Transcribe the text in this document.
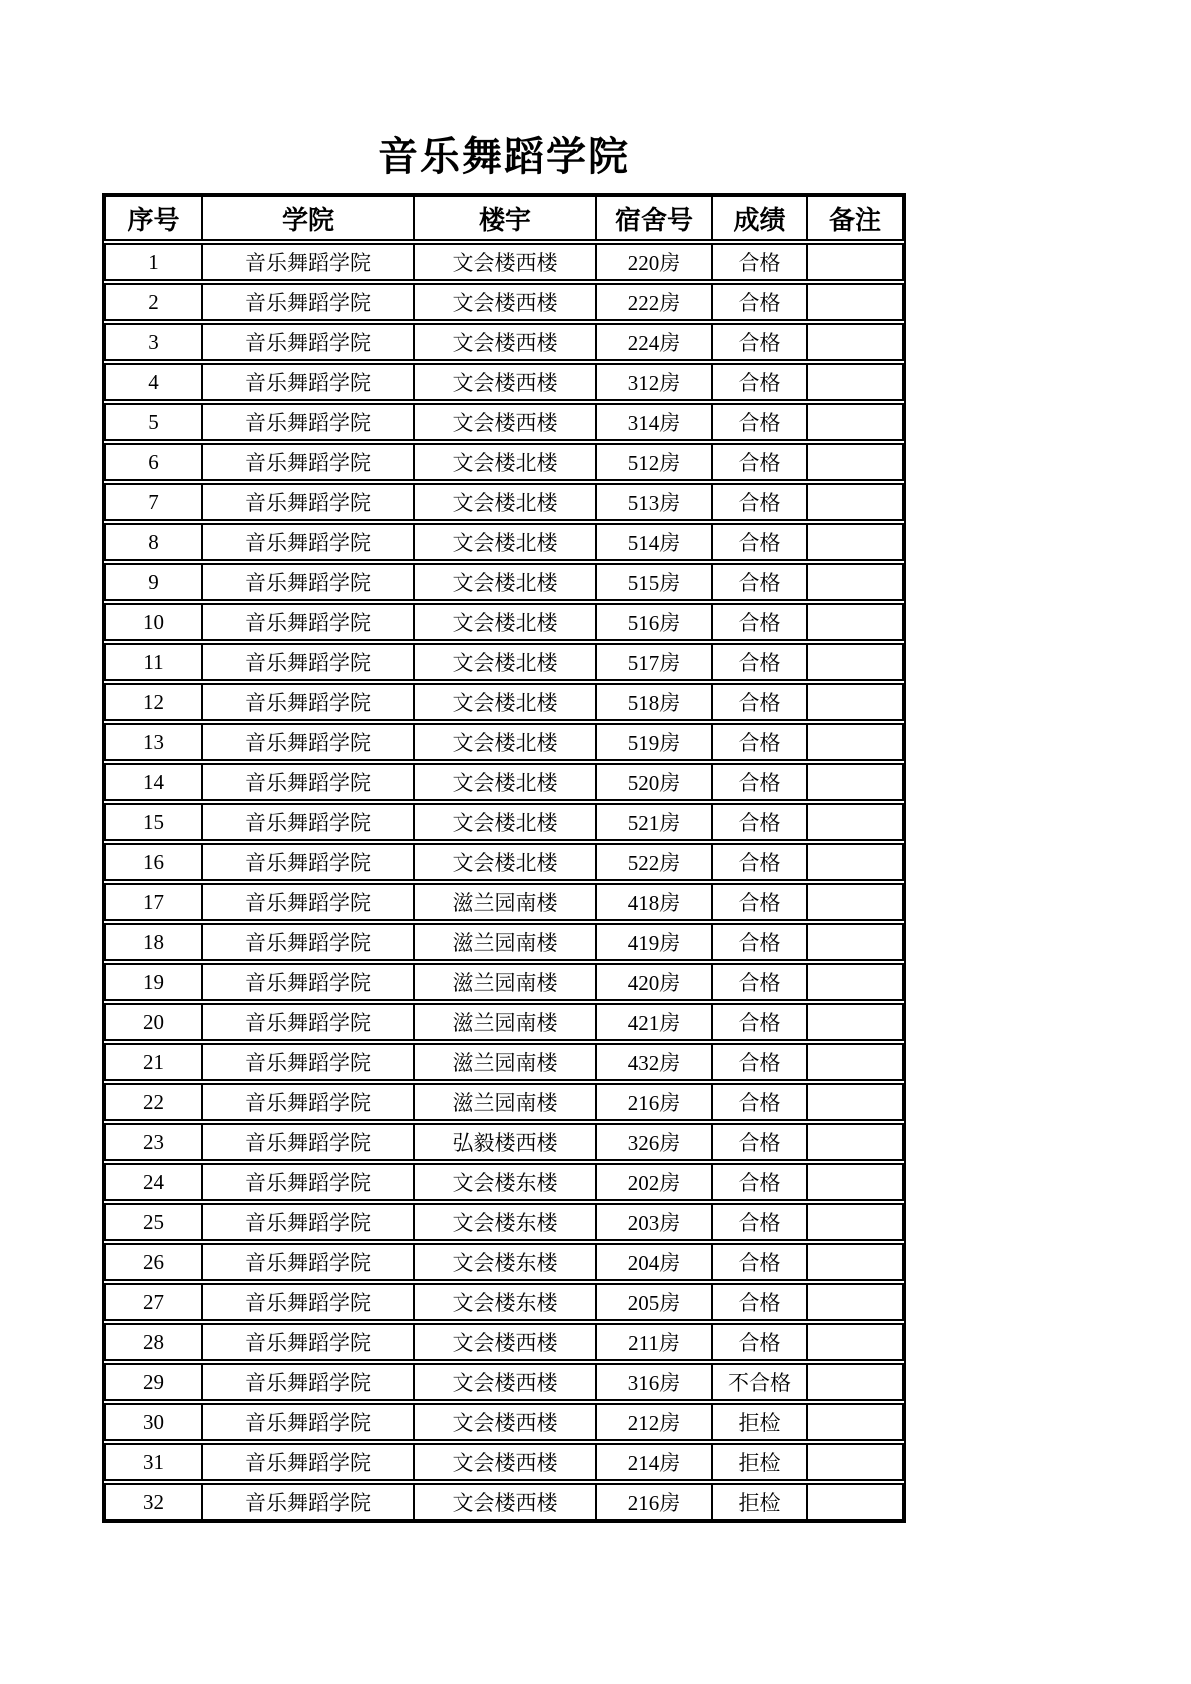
音乐舞蹈学院
序号	学院	楼宇	宿舍号	成绩	备注
1	音乐舞蹈学院	文会楼西楼	220房	合格	
2	音乐舞蹈学院	文会楼西楼	222房	合格	
3	音乐舞蹈学院	文会楼西楼	224房	合格	
4	音乐舞蹈学院	文会楼西楼	312房	合格	
5	音乐舞蹈学院	文会楼西楼	314房	合格	
6	音乐舞蹈学院	文会楼北楼	512房	合格	
7	音乐舞蹈学院	文会楼北楼	513房	合格	
8	音乐舞蹈学院	文会楼北楼	514房	合格	
9	音乐舞蹈学院	文会楼北楼	515房	合格	
10	音乐舞蹈学院	文会楼北楼	516房	合格	
11	音乐舞蹈学院	文会楼北楼	517房	合格	
12	音乐舞蹈学院	文会楼北楼	518房	合格	
13	音乐舞蹈学院	文会楼北楼	519房	合格	
14	音乐舞蹈学院	文会楼北楼	520房	合格	
15	音乐舞蹈学院	文会楼北楼	521房	合格	
16	音乐舞蹈学院	文会楼北楼	522房	合格	
17	音乐舞蹈学院	滋兰园南楼	418房	合格	
18	音乐舞蹈学院	滋兰园南楼	419房	合格	
19	音乐舞蹈学院	滋兰园南楼	420房	合格	
20	音乐舞蹈学院	滋兰园南楼	421房	合格	
21	音乐舞蹈学院	滋兰园南楼	432房	合格	
22	音乐舞蹈学院	滋兰园南楼	216房	合格	
23	音乐舞蹈学院	弘毅楼西楼	326房	合格	
24	音乐舞蹈学院	文会楼东楼	202房	合格	
25	音乐舞蹈学院	文会楼东楼	203房	合格	
26	音乐舞蹈学院	文会楼东楼	204房	合格	
27	音乐舞蹈学院	文会楼东楼	205房	合格	
28	音乐舞蹈学院	文会楼西楼	211房	合格	
29	音乐舞蹈学院	文会楼西楼	316房	不合格	
30	音乐舞蹈学院	文会楼西楼	212房	拒检	
31	音乐舞蹈学院	文会楼西楼	214房	拒检	
32	音乐舞蹈学院	文会楼西楼	216房	拒检	
